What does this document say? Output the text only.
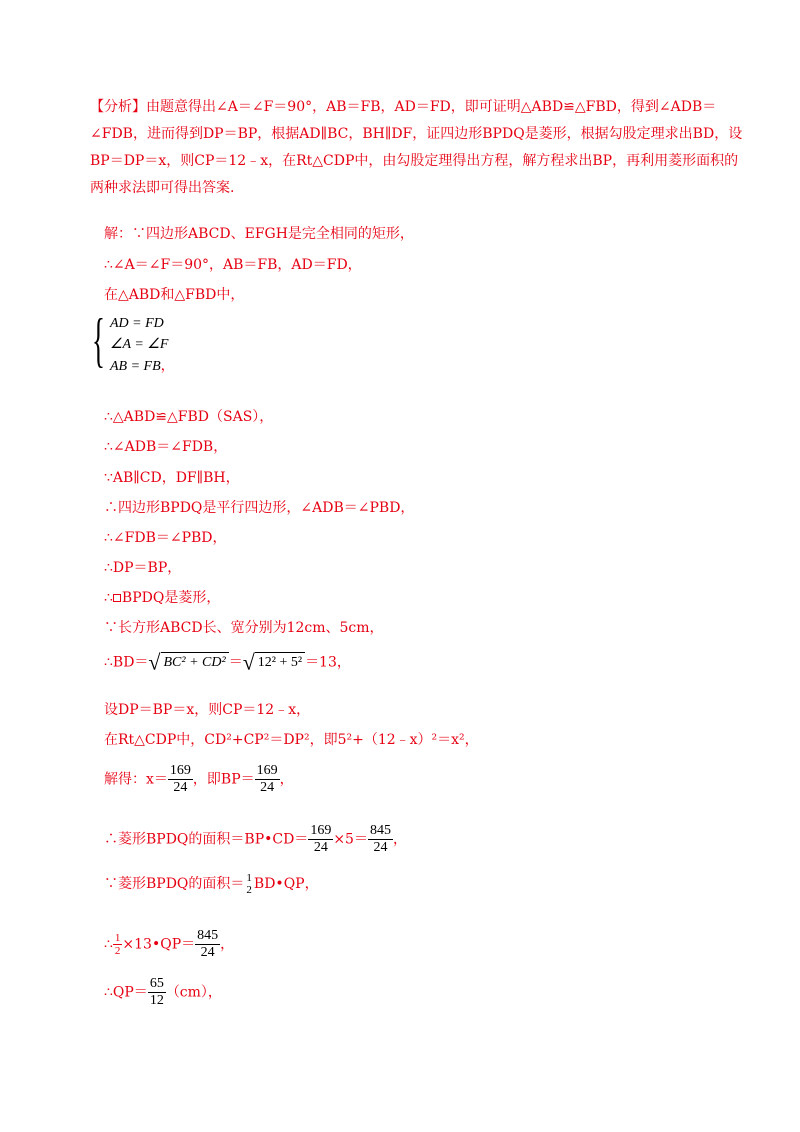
【分析】由题意得出∠A＝∠F＝90°，AB＝FB，AD＝FD，即可证明△ABD≌△FBD，得到∠ADB＝
∠FDB，进而得到DP＝BP，根据AD∥BC，BH∥DF，证四边形BPDQ是菱形，根据勾股定理求出BD，设
BP＝DP＝x，则CP＝12﹣x，在Rt△CDP中，由勾股定理得出方程，解方程求出BP，再利用菱形面积的
两种求法即可得出答案.
解：∵四边形ABCD、EFGH是完全相同的矩形，
∴∠A＝∠F＝90°，AB＝FB，AD＝FD，
在△ABD和△FBD中，
{ AD = FD
∠A = ∠F
AB = FB，
∴△ABD≌△FBD（SAS），
∴∠ADB＝∠FDB，
∵AB∥CD，DF∥BH，
∴四边形BPDQ是平行四边形，∠ADB＝∠PBD，
∴∠FDB＝∠PBD，
∴DP＝BP，
∴ BPDQ是菱形，
∵长方形ABCD长、宽分别为12cm、5cm，
∴BD＝√ BC² + CD² ＝√ 12² + 5² ＝13，
设DP＝BP＝x，则CP＝12﹣x，
在Rt△CDP中，CD²+CP²＝DP²，即5²+（12﹣x）²＝x²，
解得：$x= \frac{169}{24}$ ，即$BP= \frac{169}{24}$ ，
∴菱形BPDQ的面积＝BP•CD＝ $\frac{169}{24} \times 5= \frac{845}{24}$ ，
∵菱形BPDQ的面积＝ 1
2 BD•QP，
∴ $\frac{1}{2}$ ×13•QP＝ $\frac{845}{24}$ ，
∴QP＝ $\frac{65}{12} (cm)$，
